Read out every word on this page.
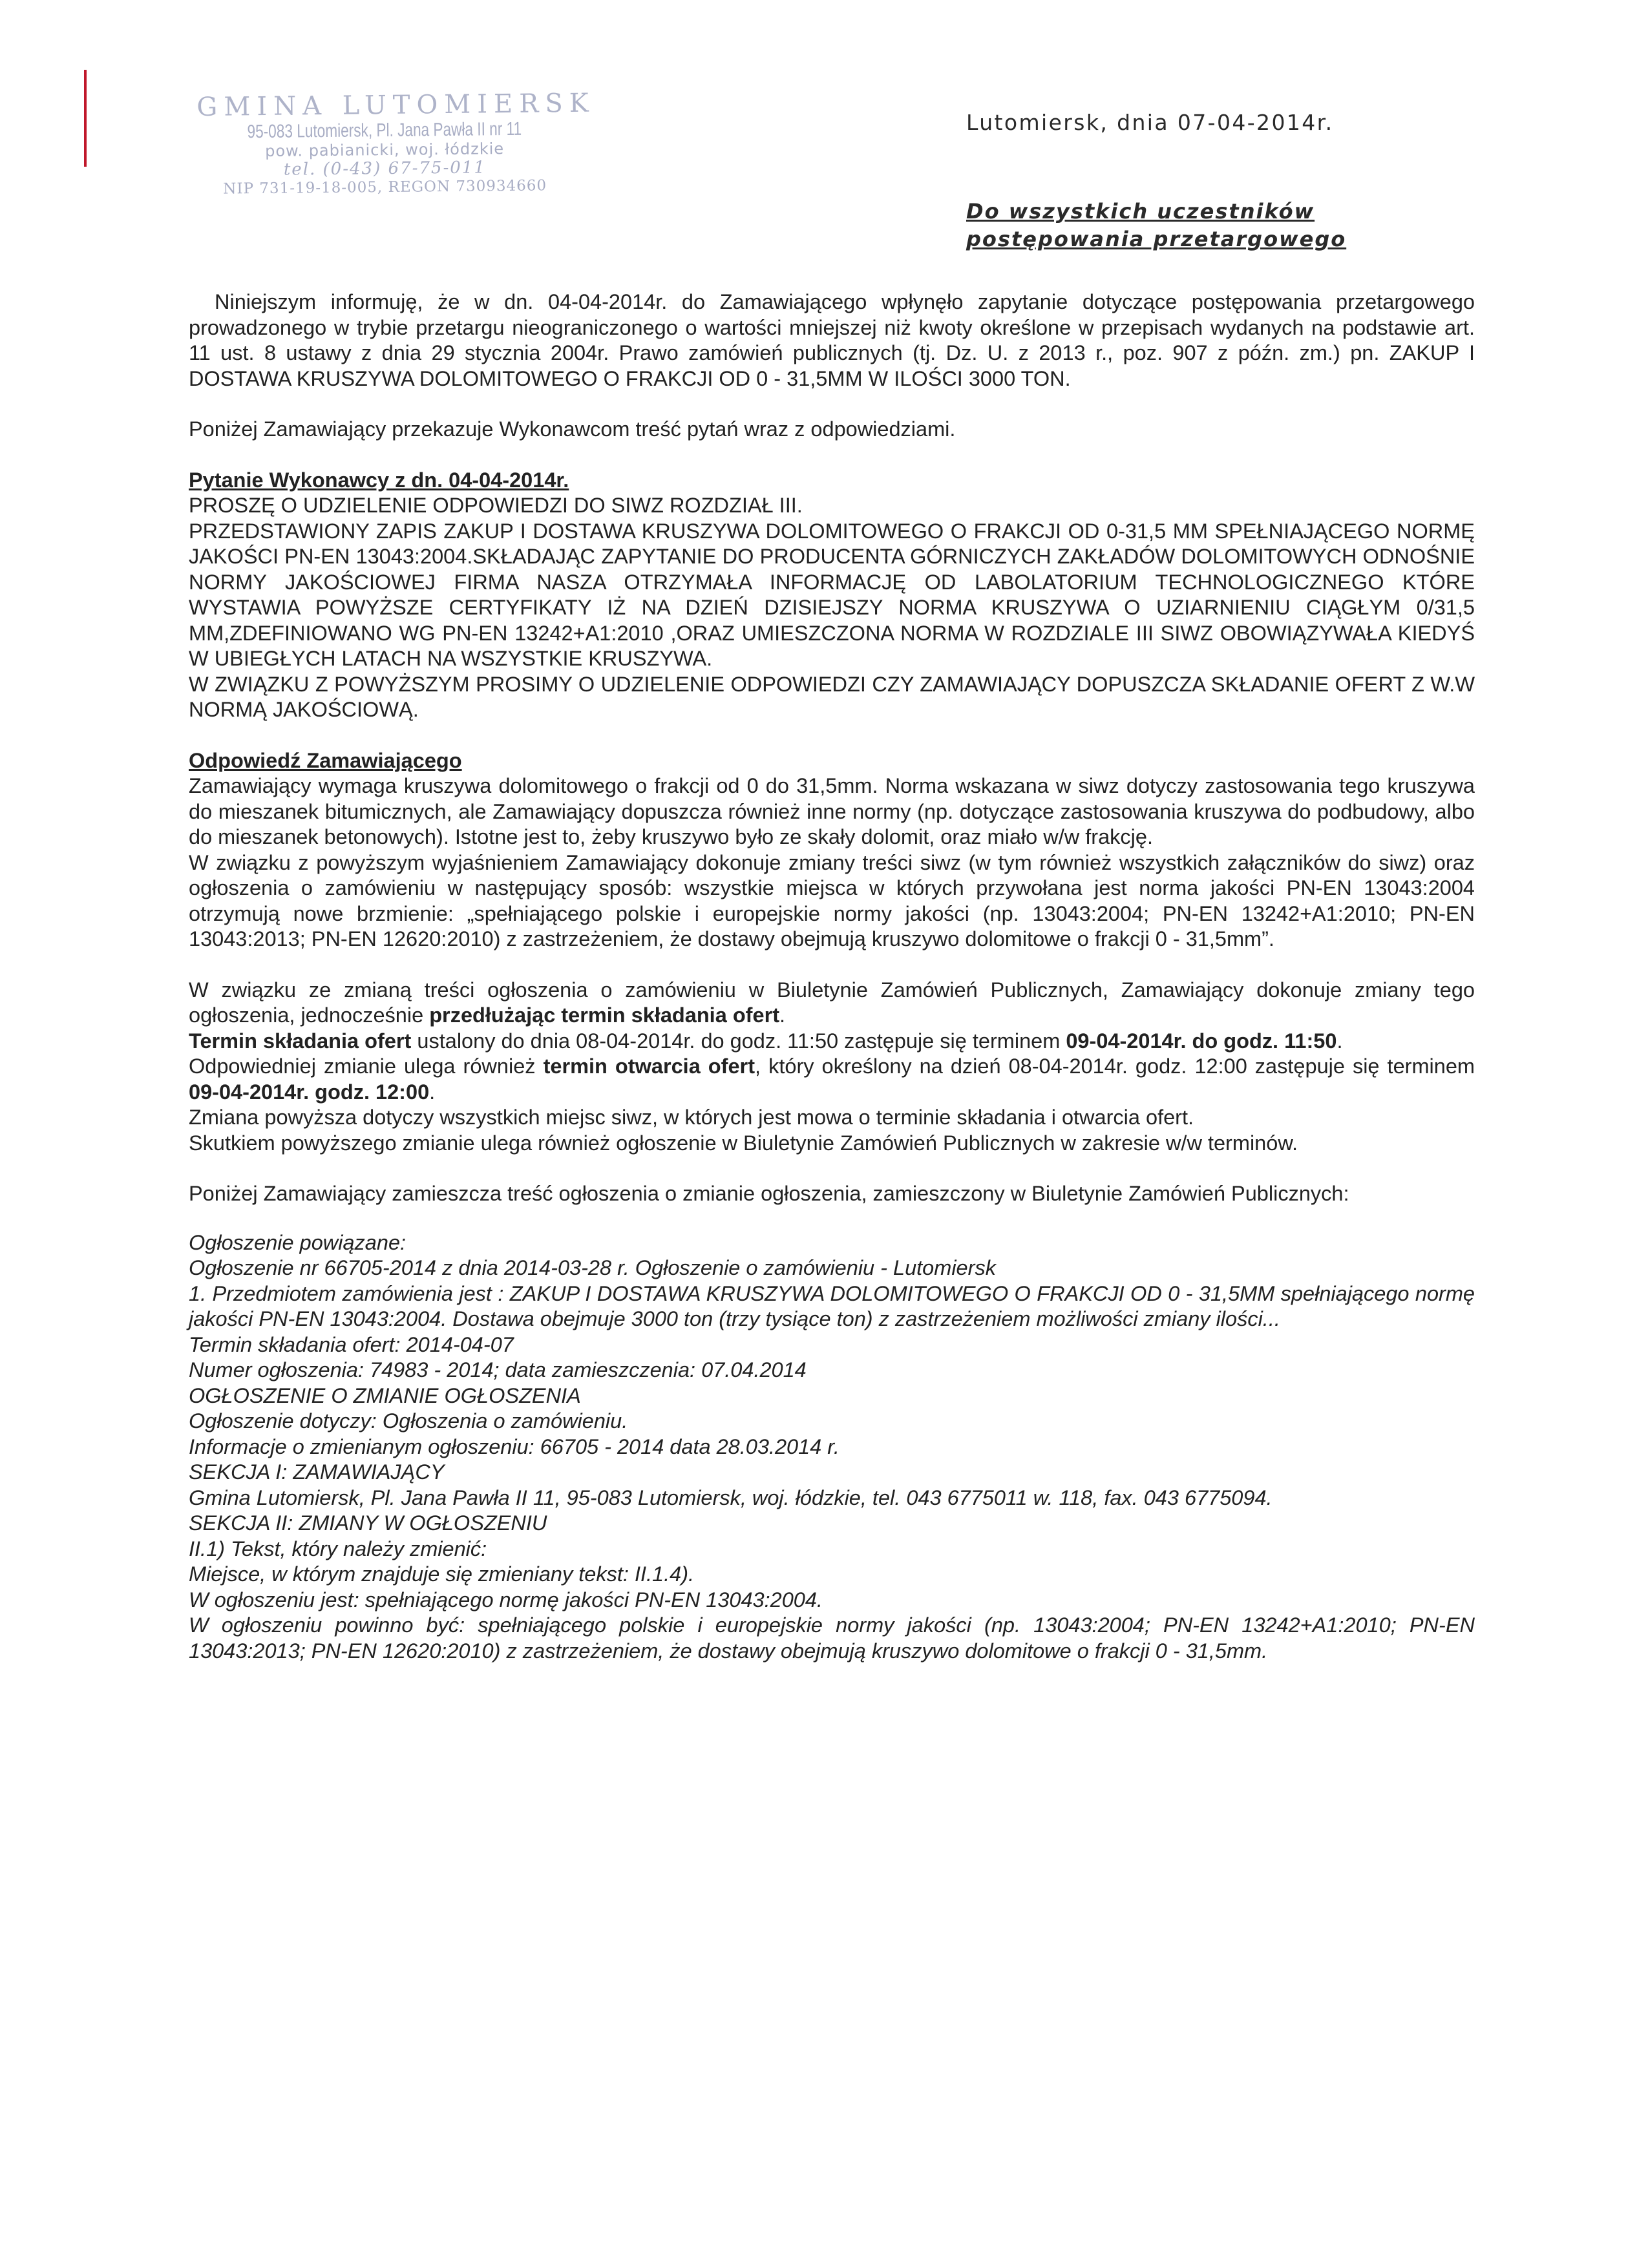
GMINA LUTOMIERSK
95-083 Lutomiersk, Pl. Jana Pawła II nr 11
pow. pabianicki, woj. łódzkie
tel. (0-43) 67-75-011
NIP 731-19-18-005, REGON 730934660
Lutomiersk, dnia 07-04-2014r.
Do wszystkich uczestników
postępowania przetargowego

Niniejszym informuję, że w dn. 04-04-2014r. do Zamawiającego wpłynęło zapytanie dotyczące postępowania przetargowego prowadzonego w trybie przetargu nieograniczonego o wartości mniejszej niż kwoty określone w przepisach wydanych na podstawie art. 11 ust. 8 ustawy z dnia 29 stycznia 2004r. Prawo zamówień publicznych (tj. Dz. U. z 2013 r., poz. 907 z późn. zm.) pn. ZAKUP I DOSTAWA KRUSZYWA DOLOMITOWEGO O FRAKCJI OD 0 - 31,5MM W ILOŚCI 3000 TON.

Poniżej Zamawiający przekazuje Wykonawcom treść pytań wraz z odpowiedziami.

Pytanie Wykonawcy z dn. 04-04-2014r.

PROSZĘ O UDZIELENIE ODPOWIEDZI DO SIWZ ROZDZIAŁ III.

PRZEDSTAWIONY ZAPIS ZAKUP I DOSTAWA KRUSZYWA DOLOMITOWEGO O FRAKCJI OD 0-31,5 MM SPEŁNIAJĄCEGO NORMĘ JAKOŚCI PN-EN 13043:2004.SKŁADAJĄC ZAPYTANIE DO PRODUCENTA GÓRNICZYCH ZAKŁADÓW DOLOMITOWYCH ODNOŚNIE NORMY JAKOŚCIOWEJ FIRMA NASZA OTRZYMAŁA INFORMACJĘ OD LABOLATORIUM TECHNOLOGICZNEGO KTÓRE WYSTAWIA POWYŻSZE CERTYFIKATY IŻ NA DZIEŃ DZISIEJSZY NORMA KRUSZYWA O UZIARNIENIU CIĄGŁYM 0/31,5 MM,ZDEFINIOWANO WG PN-EN 13242+A1:2010 ,ORAZ UMIESZCZONA NORMA W ROZDZIALE III SIWZ OBOWIĄZYWAŁA KIEDYŚ W UBIEGŁYCH LATACH NA WSZYSTKIE KRUSZYWA.

W ZWIĄZKU Z POWYŻSZYM PROSIMY O UDZIELENIE ODPOWIEDZI CZY ZAMAWIAJĄCY DOPUSZCZA SKŁADANIE OFERT Z W.W NORMĄ JAKOŚCIOWĄ.

Odpowiedź Zamawiającego

Zamawiający wymaga kruszywa dolomitowego o frakcji od 0 do 31,5mm. Norma wskazana w siwz dotyczy zastosowania tego kruszywa do mieszanek bitumicznych, ale Zamawiający dopuszcza również inne normy (np. dotyczące zastosowania kruszywa do podbudowy, albo do mieszanek betonowych). Istotne jest to, żeby kruszywo było ze skały dolomit, oraz miało w/w frakcję.

W związku z powyższym wyjaśnieniem Zamawiający dokonuje zmiany treści siwz (w tym również wszystkich załączników do siwz) oraz ogłoszenia o zamówieniu w następujący sposób: wszystkie miejsca w których przywołana jest norma jakości PN-EN 13043:2004 otrzymują nowe brzmienie: „spełniającego polskie i europejskie normy jakości (np. 13043:2004; PN-EN 13242+A1:2010; PN-EN 13043:2013; PN-EN 12620:2010) z zastrzeżeniem, że dostawy obejmują kruszywo dolomitowe o frakcji 0 - 31,5mm”.

W związku ze zmianą treści ogłoszenia o zamówieniu w Biuletynie Zamówień Publicznych, Zamawiający dokonuje zmiany tego ogłoszenia, jednocześnie przedłużając termin składania ofert.

Termin składania ofert ustalony do dnia 08-04-2014r. do godz. 11:50 zastępuje się terminem 09-04-2014r. do godz. 11:50.

Odpowiedniej zmianie ulega również termin otwarcia ofert, który określony na dzień 08-04-2014r. godz. 12:00 zastępuje się terminem 09-04-2014r. godz. 12:00.

Zmiana powyższa dotyczy wszystkich miejsc siwz, w których jest mowa o terminie składania i otwarcia ofert.

Skutkiem powyższego zmianie ulega również ogłoszenie w Biuletynie Zamówień Publicznych w zakresie w/w terminów.

Poniżej Zamawiający zamieszcza treść ogłoszenia o zmianie ogłoszenia, zamieszczony w Biuletynie Zamówień Publicznych:

Ogłoszenie powiązane:

Ogłoszenie nr 66705-2014 z dnia 2014-03-28 r. Ogłoszenie o zamówieniu - Lutomiersk

1. Przedmiotem zamówienia jest : ZAKUP I DOSTAWA KRUSZYWA DOLOMITOWEGO O FRAKCJI OD 0 - 31,5MM spełniającego normę jakości PN-EN 13043:2004. Dostawa obejmuje 3000 ton (trzy tysiące ton) z zastrzeżeniem możliwości zmiany ilości...

Termin składania ofert: 2014-04-07

Numer ogłoszenia: 74983 - 2014; data zamieszczenia: 07.04.2014

OGŁOSZENIE O ZMIANIE OGŁOSZENIA

Ogłoszenie dotyczy: Ogłoszenia o zamówieniu.

Informacje o zmienianym ogłoszeniu: 66705 - 2014 data 28.03.2014 r.

SEKCJA I: ZAMAWIAJĄCY

Gmina Lutomiersk, Pl. Jana Pawła II 11, 95-083 Lutomiersk, woj. łódzkie, tel. 043 6775011 w. 118, fax. 043 6775094.

SEKCJA II: ZMIANY W OGŁOSZENIU

II.1) Tekst, który należy zmienić:

Miejsce, w którym znajduje się zmieniany tekst: II.1.4).

W ogłoszeniu jest: spełniającego normę jakości PN-EN 13043:2004.

W ogłoszeniu powinno być: spełniającego polskie i europejskie normy jakości (np. 13043:2004; PN-EN 13242+A1:2010; PN-EN 13043:2013; PN-EN 12620:2010) z zastrzeżeniem, że dostawy obejmują kruszywo dolomitowe o frakcji 0 - 31,5mm.
